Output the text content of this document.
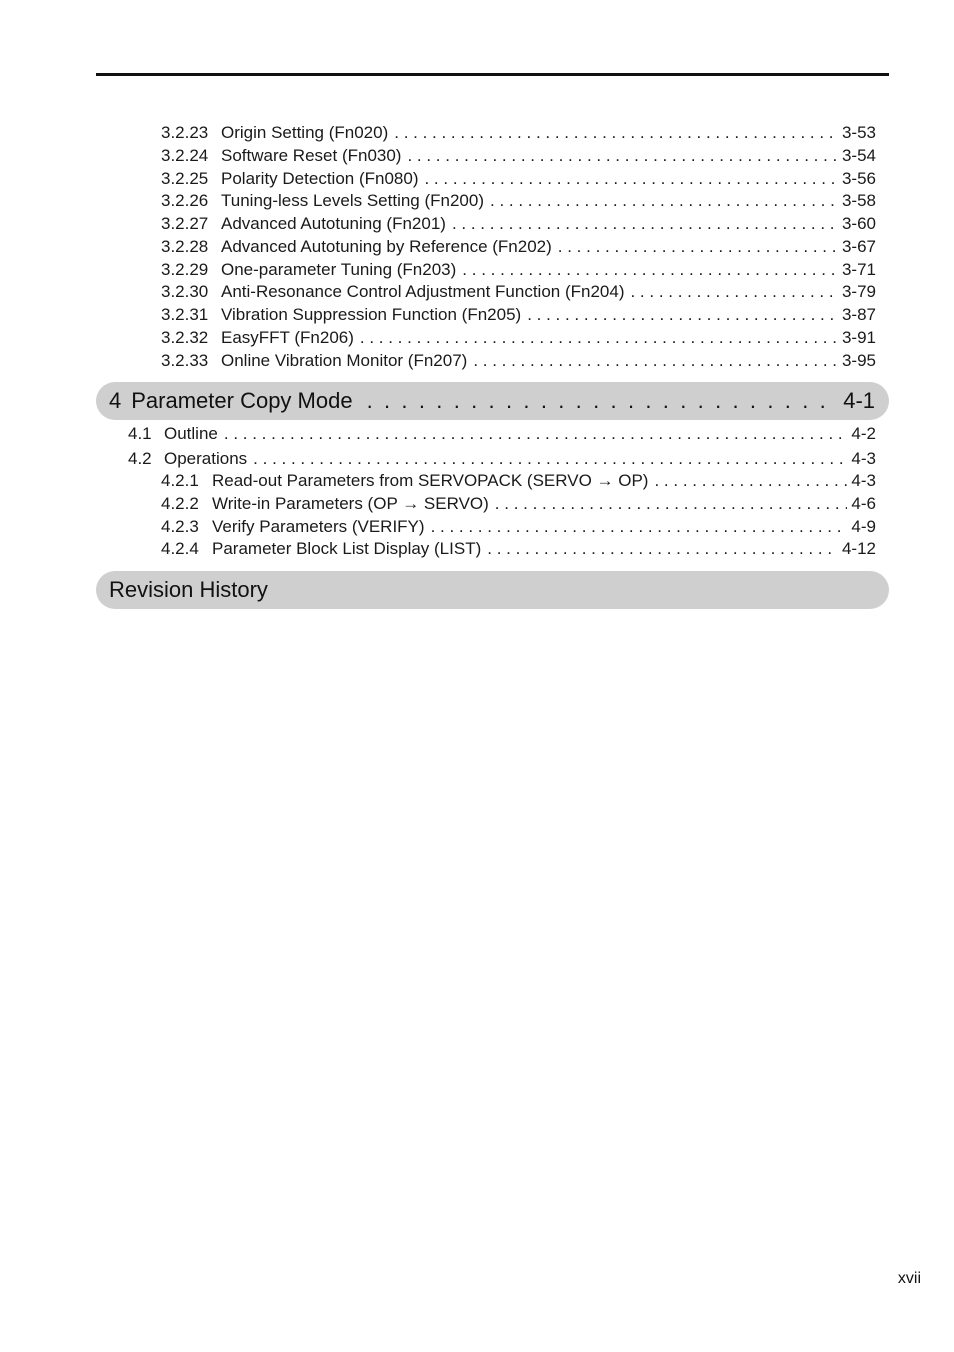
3.2.23 Origin Setting (Fn020) . . .	3-53
3.2.24 Software Reset (Fn030) . . .	3-54
3.2.25 Polarity Detection (Fn080) . . .	3-56
3.2.26 Tuning-less Levels Setting (Fn200) . . .	3-58
3.2.27 Advanced Autotuning (Fn201) . . .	3-60
3.2.28 Advanced Autotuning by Reference (Fn202) . . .	3-67
3.2.29 One-parameter Tuning (Fn203) . . .	3-71
3.2.30 Anti-Resonance Control Adjustment Function (Fn204) . . .	3-79
3.2.31 Vibration Suppression Function (Fn205) . . .	3-87
3.2.32 EasyFFT (Fn206) . . .	3-91
3.2.33 Online Vibration Monitor (Fn207) . . .	3-95
4 Parameter Copy Mode . . .	4-1
4.1 Outline . . .	4-2
4.2 Operations . . .	4-3
4.2.1 Read-out Parameters from SERVOPACK (SERVO → OP) . . .	4-3
4.2.2 Write-in Parameters (OP → SERVO) . . .	4-6
4.2.3 Verify Parameters (VERIFY) . . .	4-9
4.2.4 Parameter Block List Display (LIST) . . .	4-12
Revision History
xvii
